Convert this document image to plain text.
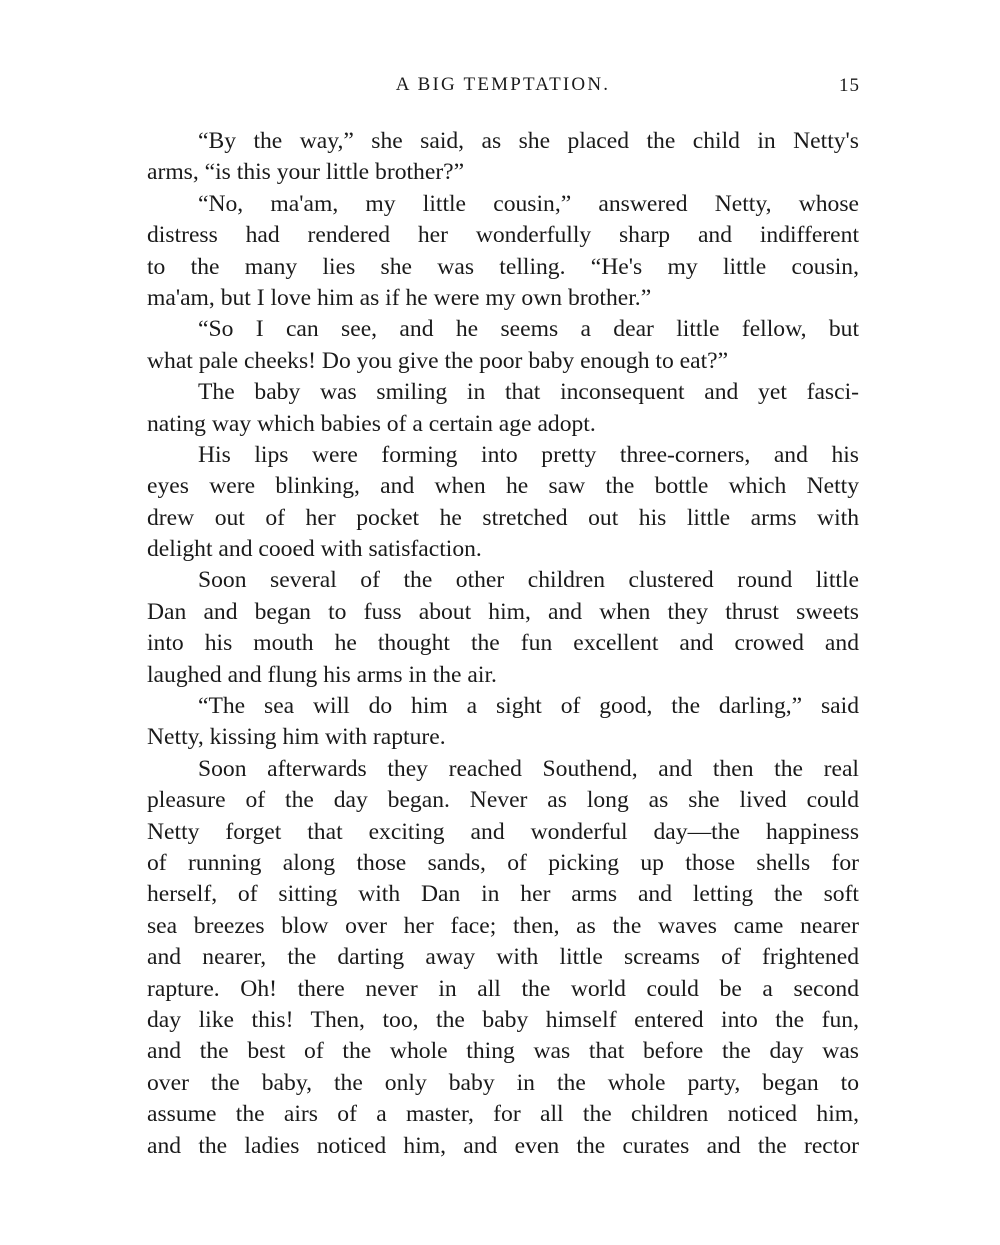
A BIG TEMPTATION.	15
“By the way,” she said, as she placed the child in Netty's
arms, “is this your little brother?”
“No, ma'am, my little cousin,” answered Netty, whose
distress had rendered her wonderfully sharp and indifferent
to the many lies she was telling. “He's my little cousin,
ma'am, but I love him as if he were my own brother.”
“So I can see, and he seems a dear little fellow, but
what pale cheeks! Do you give the poor baby enough to eat?”
The baby was smiling in that inconsequent and yet fasci-
nating way which babies of a certain age adopt.
His lips were forming into pretty three-corners, and his
eyes were blinking, and when he saw the bottle which Netty
drew out of her pocket he stretched out his little arms with
delight and cooed with satisfaction.
Soon several of the other children clustered round little
Dan and began to fuss about him, and when they thrust sweets
into his mouth he thought the fun excellent and crowed and
laughed and flung his arms in the air.
“The sea will do him a sight of good, the darling,” said
Netty, kissing him with rapture.
Soon afterwards they reached Southend, and then the real
pleasure of the day began. Never as long as she lived could
Netty forget that exciting and wonderful day—the happiness
of running along those sands, of picking up those shells for
herself, of sitting with Dan in her arms and letting the soft
sea breezes blow over her face; then, as the waves came nearer
and nearer, the darting away with little screams of frightened
rapture. Oh! there never in all the world could be a second
day like this! Then, too, the baby himself entered into the fun,
and the best of the whole thing was that before the day was
over the baby, the only baby in the whole party, began to
assume the airs of a master, for all the children noticed him,
and the ladies noticed him, and even the curates and the rector
